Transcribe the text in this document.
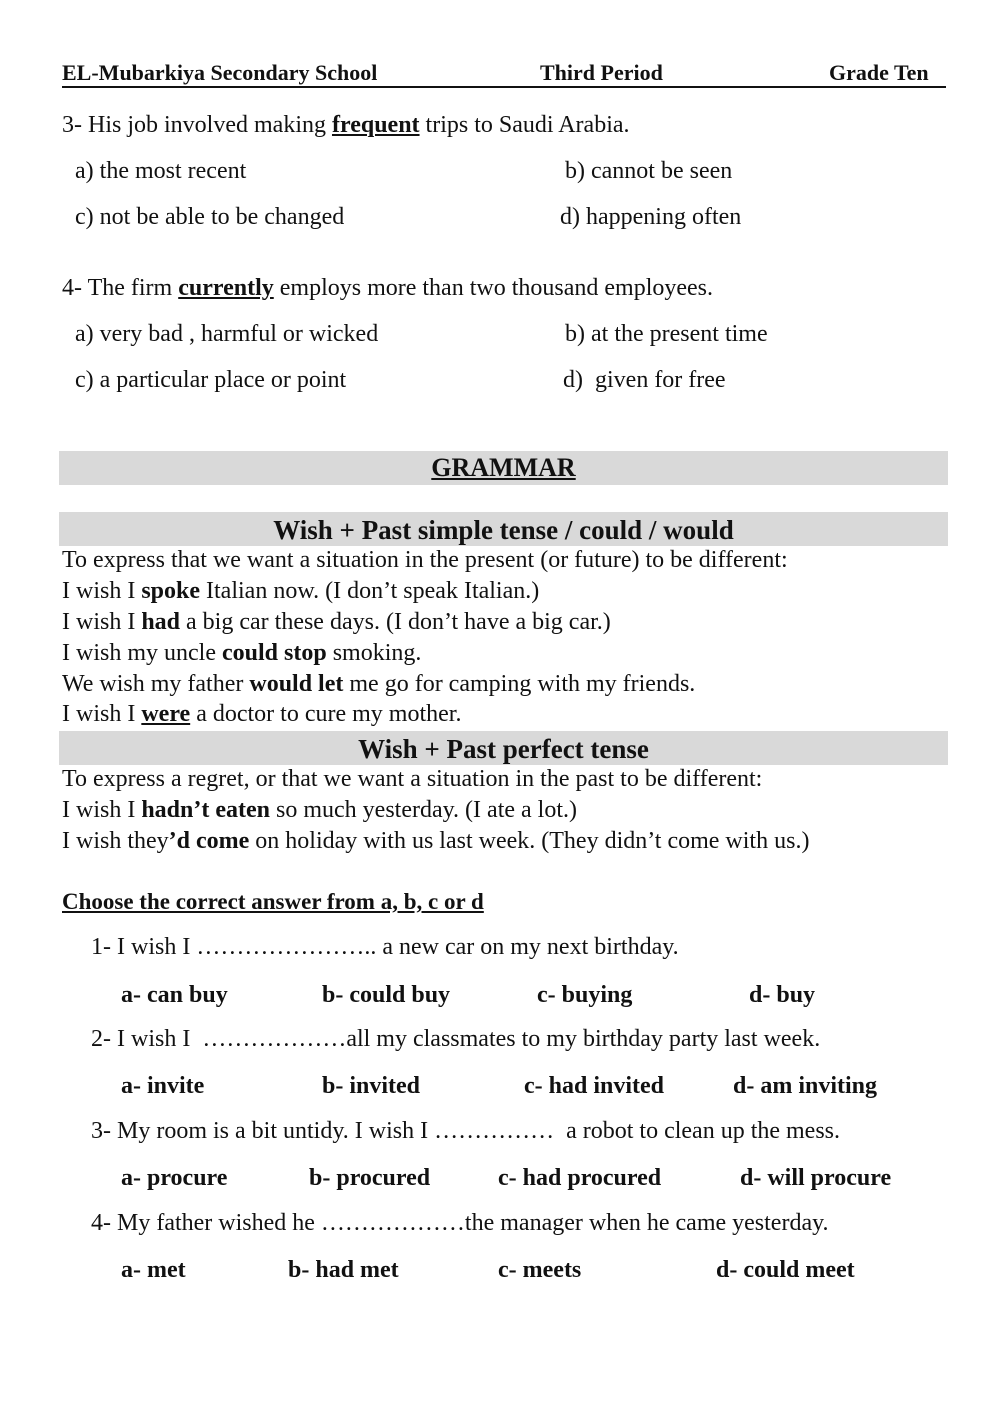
EL-Mubarkiya Secondary School	Third Period	Grade Ten
3- His job involved making frequent trips to Saudi Arabia.
a) the most recent	b) cannot be seen
c) not be able to be changed	d) happening often
4- The firm currently employs more than two thousand employees.
a) very bad , harmful or wicked	b) at the present time
c) a particular place or point	d)  given for free
GRAMMAR
Wish + Past simple tense / could / would
To express that we want a situation in the present (or future) to be different:
I wish I spoke Italian now. (I don’t speak Italian.)
I wish I had a big car these days. (I don’t have a big car.)
I wish my uncle could stop smoking.
We wish my father would let me go for camping with my friends.
I wish I were a doctor to cure my mother.
Wish + Past perfect tense
To express a regret, or that we want a situation in the past to be different:
I wish I hadn’t eaten so much yesterday. (I ate a lot.)
I wish they’d come on holiday with us last week. (They didn’t come with us.)
Choose the correct answer from a, b, c or d
1- I wish I ………………….. a new car on my next birthday.
a- can buy	b- could buy	c- buying	d- buy
2- I wish I  ………………all my classmates to my birthday party last week.
a- invite	b- invited	c- had invited	d- am inviting
3- My room is a bit untidy. I wish I ……………  a robot to clean up the mess.
a- procure	b- procured	c- had procured	d- will procure
4- My father wished he ………………the manager when he came yesterday.
a- met	b- had met	c- meets	d- could meet
